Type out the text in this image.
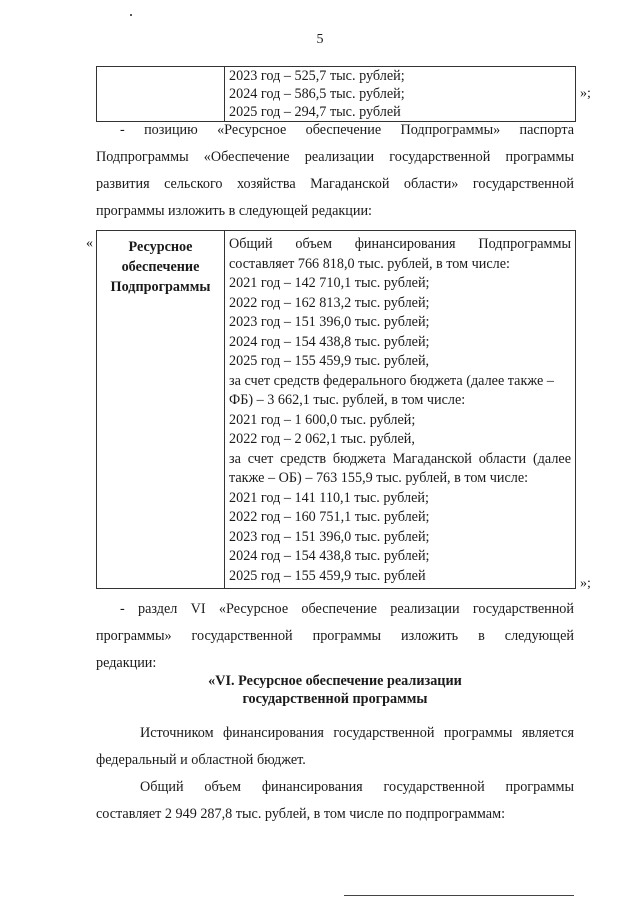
5

2023 год – 525,7 тыс. рублей;
2024 год – 586,5 тыс. рублей;
2025 год – 294,7 тыс. рублей
»;
- позицию «Ресурсное обеспечение Подпрограммы» паспорта
Подпрограммы «Обеспечение реализации государственной программы
развития сельского хозяйства Магаданской области» государственной
программы изложить в следующей редакции:
«	Ресурсное
обеспечение
Подпрограммы

Общий объем финансирования Подпрограммы
составляет 766 818,0 тыс. рублей, в том числе:
2021 год – 142 710,1 тыс. рублей;
2022 год – 162 813,2 тыс. рублей;
2023 год – 151 396,0 тыс. рублей;
2024 год – 154 438,8 тыс. рублей;
2025 год – 155 459,9 тыс. рублей,
за счет средств федерального бюджета (далее также –
ФБ) – 3 662,1 тыс. рублей, в том числе:
2021 год – 1 600,0 тыс. рублей;
2022 год – 2 062,1 тыс. рублей,
за счет средств бюджета Магаданской области (далее
также – ОБ) – 763 155,9 тыс. рублей, в том числе:
2021 год – 141 110,1 тыс. рублей;
2022 год – 160 751,1 тыс. рублей;
2023 год – 151 396,0 тыс. рублей;
2024 год – 154 438,8 тыс. рублей;
2025 год – 155 459,9 тыс. рублей	»;
- раздел VI «Ресурсное обеспечение реализации государственной
программы» государственной программы изложить в следующей
редакции:
«VI. Ресурсное обеспечение реализации
государственной программы
Источником финансирования государственной программы является
федеральный и областной бюджет.
Общий объем финансирования государственной программы
составляет 2 949 287,8 тыс. рублей, в том числе по подпрограммам:
